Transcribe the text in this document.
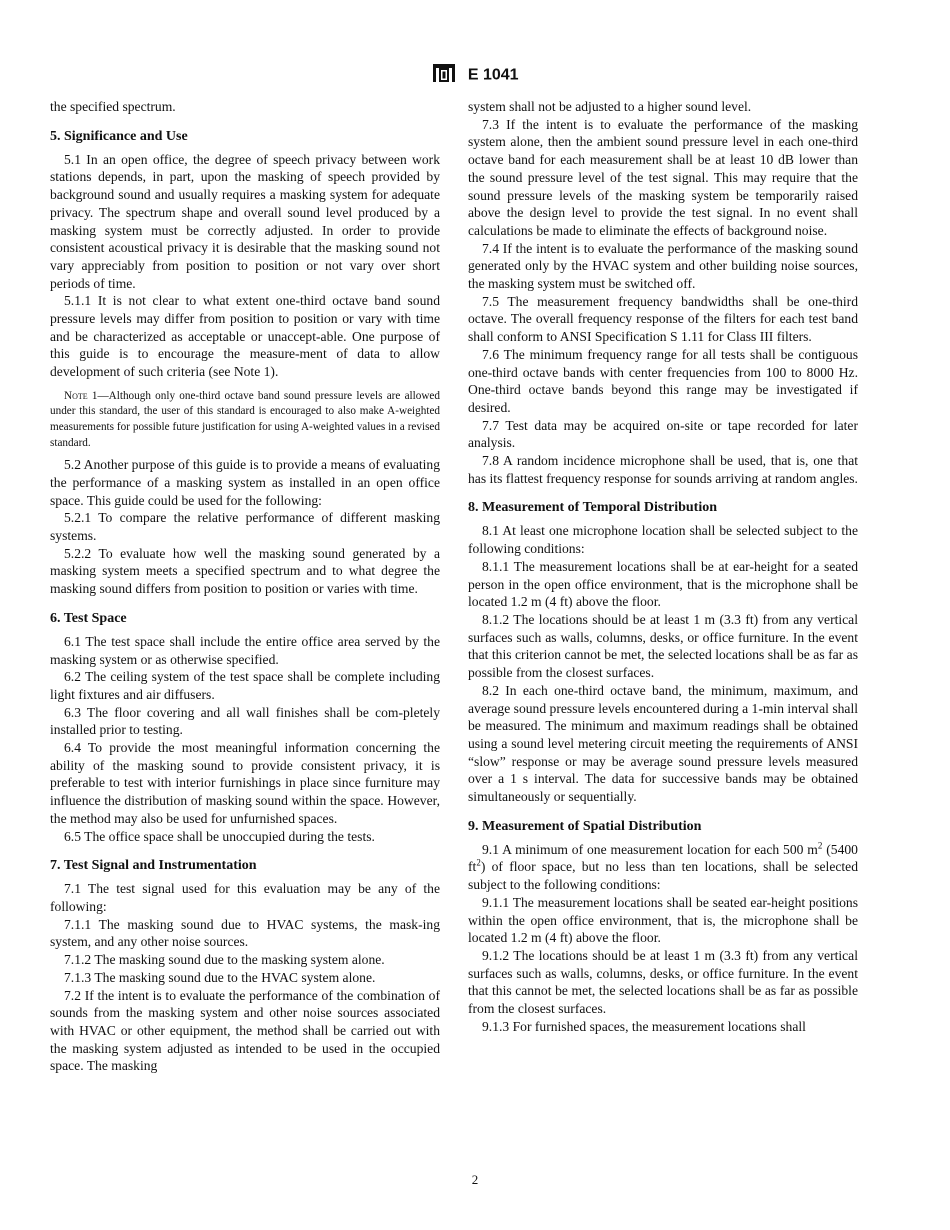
E 1041

the specified spectrum.

5. Significance and Use

5.1 In an open office, the degree of speech privacy between work stations depends, in part, upon the masking of speech provided by background sound and usually requires a masking system for adequate privacy. The spectrum shape and overall sound level produced by a masking system must be correctly adjusted. In order to provide consistent acoustical privacy it is desirable that the masking sound not vary appreciably from position to position or not vary over short periods of time.

5.1.1 It is not clear to what extent one-third octave band sound pressure levels may differ from position to position or vary with time and be characterized as acceptable or unaccept-able. One purpose of this guide is to encourage the measure-ment of data to allow development of such criteria (see Note 1).

Note 1—Although only one-third octave band sound pressure levels are allowed under this standard, the user of this standard is encouraged to also make A-weighted measurements for possible future justification for using A-weighted values in a revised standard.

5.2 Another purpose of this guide is to provide a means of evaluating the performance of a masking system as installed in an open office space. This guide could be used for the following:

5.2.1 To compare the relative performance of different masking systems.

5.2.2 To evaluate how well the masking sound generated by a masking system meets a specified spectrum and to what degree the masking sound differs from position to position or varies with time.

6. Test Space

6.1 The test space shall include the entire office area served by the masking system or as otherwise specified.

6.2 The ceiling system of the test space shall be complete including light fixtures and air diffusers.

6.3 The floor covering and all wall finishes shall be com-pletely installed prior to testing.

6.4 To provide the most meaningful information concerning the ability of the masking sound to provide consistent privacy, it is preferable to test with interior furnishings in place since furniture may influence the distribution of masking sound within the space. However, the method may also be used for unfurnished spaces.

6.5 The office space shall be unoccupied during the tests.

7. Test Signal and Instrumentation

7.1 The test signal used for this evaluation may be any of the following:

7.1.1 The masking sound due to HVAC systems, the mask-ing system, and any other noise sources.

7.1.2 The masking sound due to the masking system alone.

7.1.3 The masking sound due to the HVAC system alone.

7.2 If the intent is to evaluate the performance of the combination of sounds from the masking system and other noise sources associated with HVAC or other equipment, the method shall be carried out with the masking system adjusted as intended to be used in the occupied space. The masking

system shall not be adjusted to a higher sound level.

7.3 If the intent is to evaluate the performance of the masking system alone, then the ambient sound pressure level in each one-third octave band for each measurement shall be at least 10 dB lower than the sound pressure level of the test signal. This may require that the sound pressure levels of the masking system be temporarily raised above the design level to provide the test signal. In no event shall calculations be made to eliminate the effects of background noise.

7.4 If the intent is to evaluate the performance of the masking sound generated only by the HVAC system and other building noise sources, the masking system must be switched off.

7.5 The measurement frequency bandwidths shall be one-third octave. The overall frequency response of the filters for each test band shall conform to ANSI Specification S 1.11 for Class III filters.

7.6 The minimum frequency range for all tests shall be contiguous one-third octave bands with center frequencies from 100 to 8000 Hz. One-third octave bands beyond this range may be investigated if desired.

7.7 Test data may be acquired on-site or tape recorded for later analysis.

7.8 A random incidence microphone shall be used, that is, one that has its flattest frequency response for sounds arriving at random angles.

8. Measurement of Temporal Distribution

8.1 At least one microphone location shall be selected subject to the following conditions:

8.1.1 The measurement locations shall be at ear-height for a seated person in the open office environment, that is the microphone shall be located 1.2 m (4 ft) above the floor.

8.1.2 The locations should be at least 1 m (3.3 ft) from any vertical surfaces such as walls, columns, desks, or office furniture. In the event that this criterion cannot be met, the selected locations shall be as far as possible from the closest surfaces.

8.2 In each one-third octave band, the minimum, maximum, and average sound pressure levels encountered during a 1-min interval shall be measured. The minimum and maximum readings shall be obtained using a sound level metering circuit meeting the requirements of ANSI “slow” response or may be average sound pressure levels measured over a 1 s interval. The data for successive bands may be obtained simultaneously or sequentially.

9. Measurement of Spatial Distribution

9.1 A minimum of one measurement location for each 500 $m^2$ (5400 $ft^2$) of floor space, but no less than ten locations, shall be selected subject to the following conditions:

9.1.1 The measurement locations shall be seated ear-height positions within the open office environment, that is, the microphone shall be located 1.2 m (4 ft) above the floor.

9.1.2 The locations should be at least 1 m (3.3 ft) from any vertical surfaces such as walls, columns, desks, or office furniture. In the event that this cannot be met, the selected locations shall be as far as possible from the closest surfaces.

9.1.3 For furnished spaces, the measurement locations shall

2
